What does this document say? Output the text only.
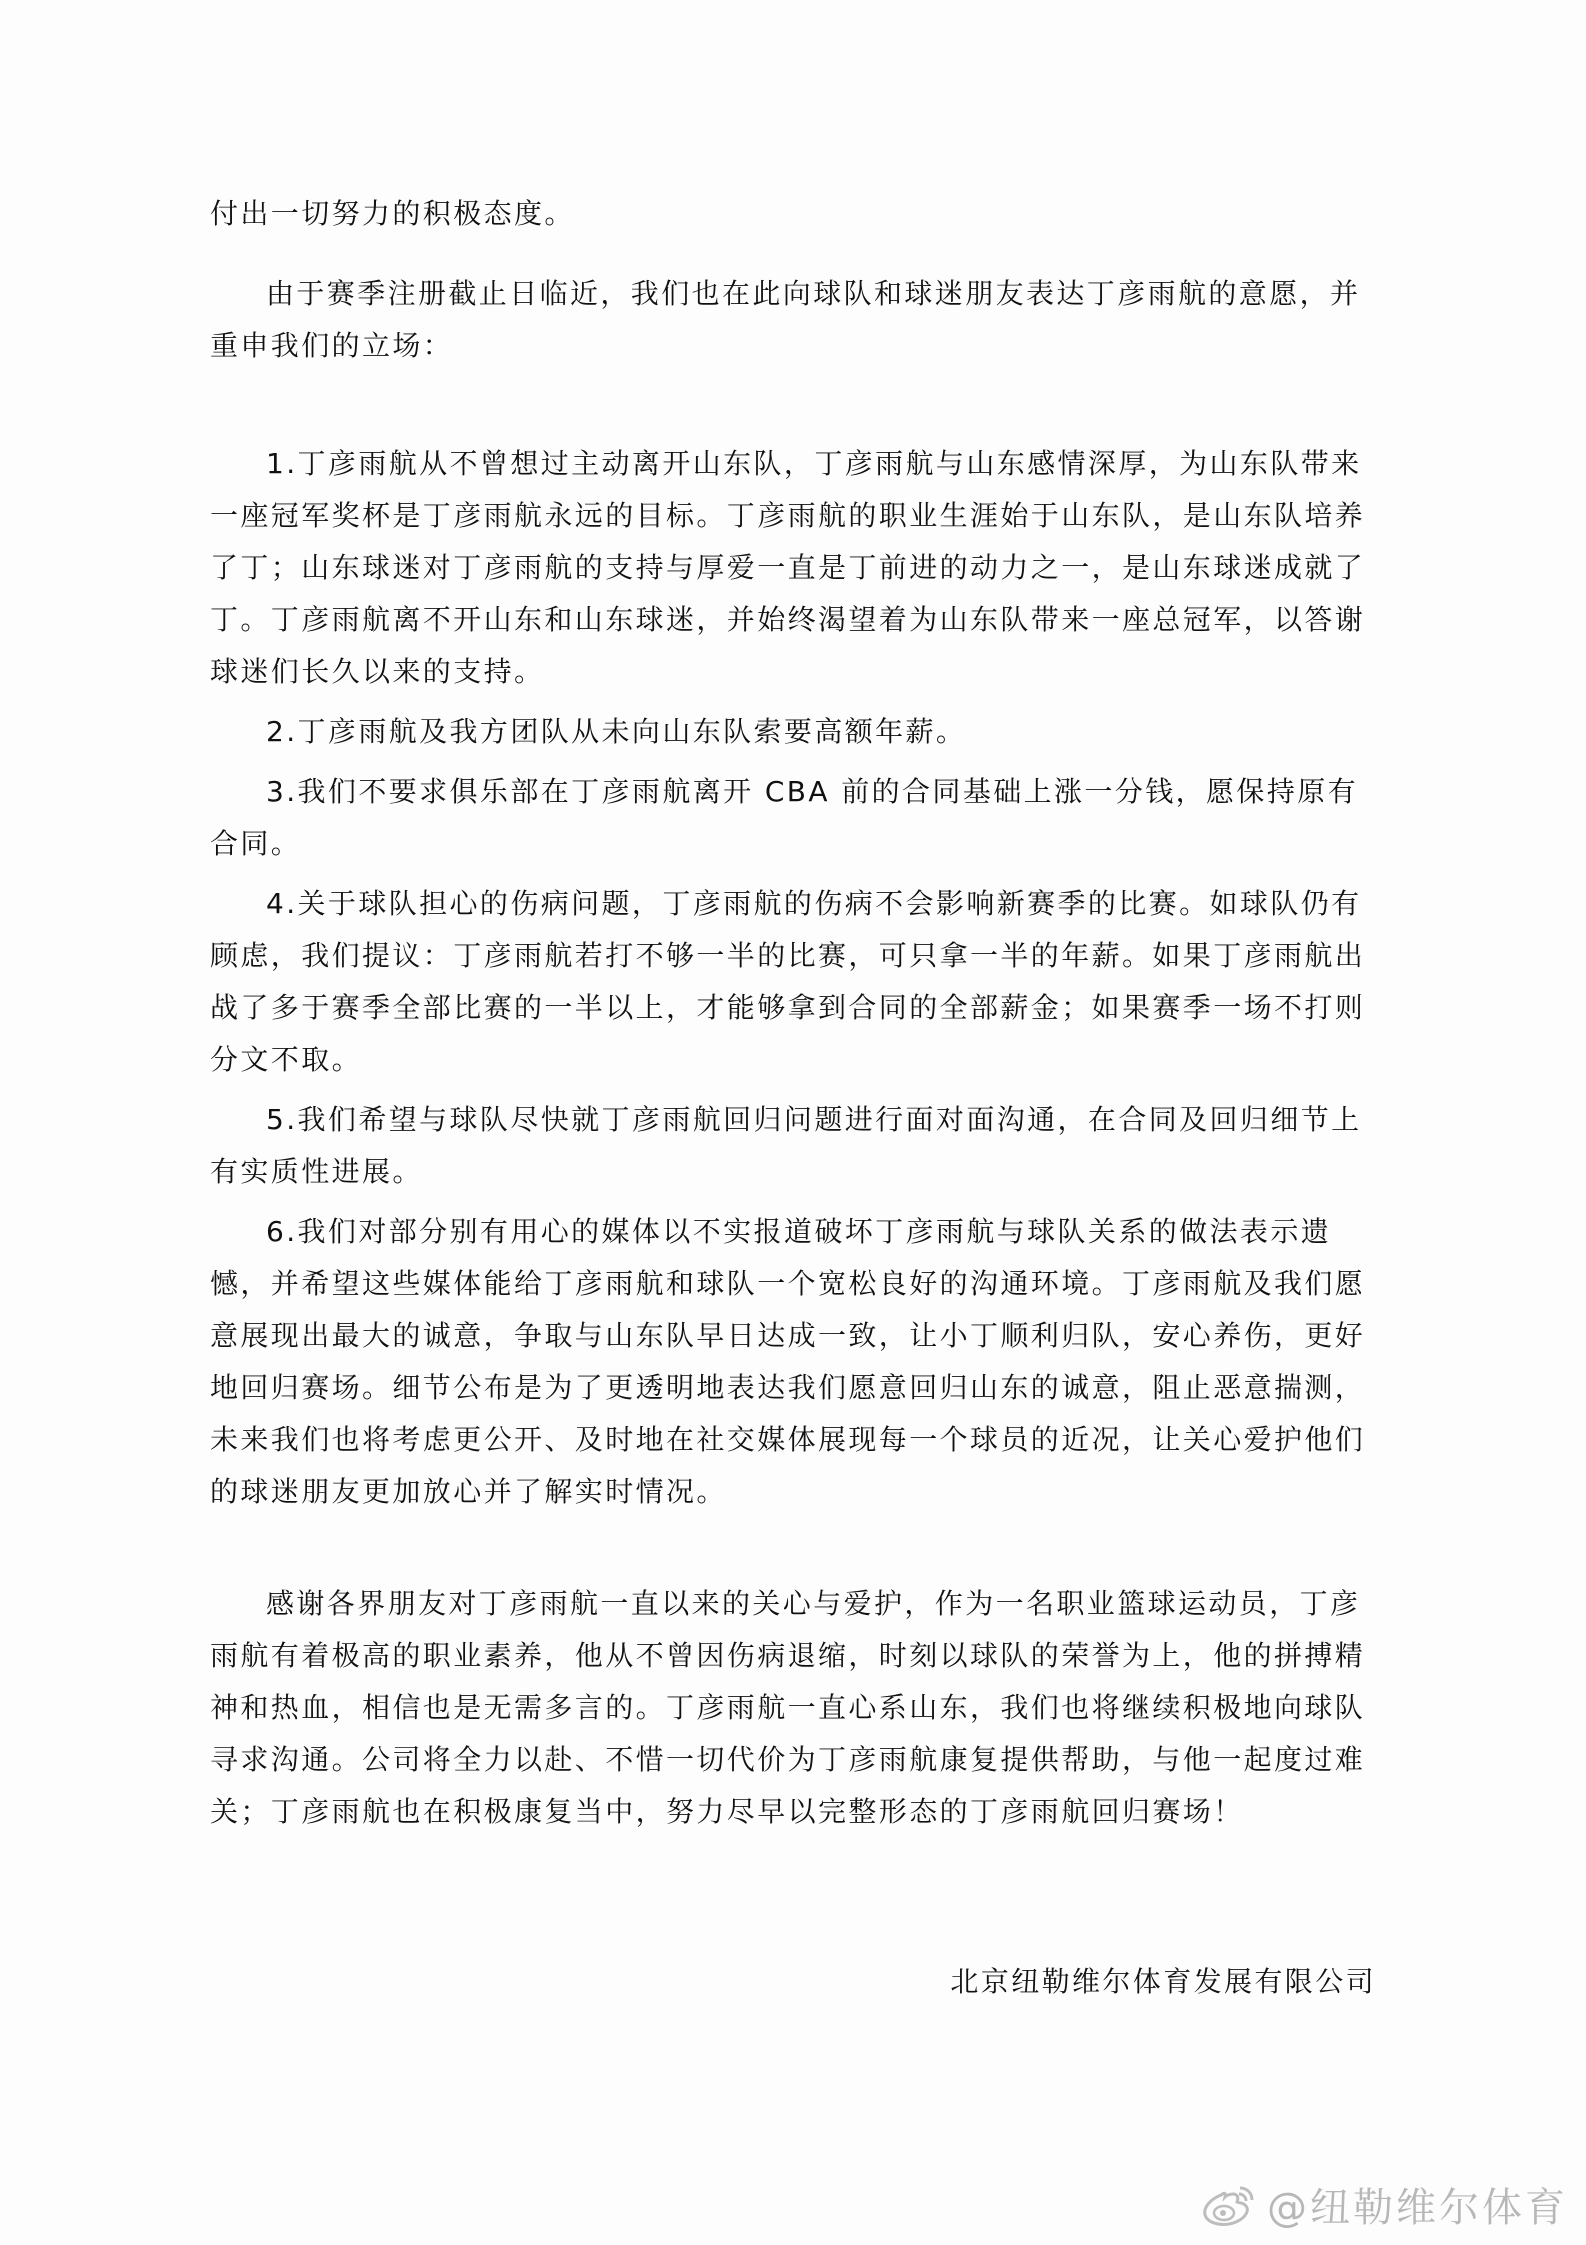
付出一切努力的积极态度。

由于赛季注册截止日临近，我们也在此向球队和球迷朋友表达丁彦雨航的意愿，并重申我们的立场：

1.丁彦雨航从不曾想过主动离开山东队，丁彦雨航与山东感情深厚，为山东队带来一座冠军奖杯是丁彦雨航永远的目标。丁彦雨航的职业生涯始于山东队，是山东队培养了丁；山东球迷对丁彦雨航的支持与厚爱一直是丁前进的动力之一，是山东球迷成就了丁。丁彦雨航离不开山东和山东球迷，并始终渴望着为山东队带来一座总冠军，以答谢球迷们长久以来的支持。

2.丁彦雨航及我方团队从未向山东队索要高额年薪。

3.我们不要求俱乐部在丁彦雨航离开 CBA 前的合同基础上涨一分钱，愿保持原有合同。

4.关于球队担心的伤病问题，丁彦雨航的伤病不会影响新赛季的比赛。如球队仍有顾虑，我们提议：丁彦雨航若打不够一半的比赛，可只拿一半的年薪。如果丁彦雨航出战了多于赛季全部比赛的一半以上，才能够拿到合同的全部薪金；如果赛季一场不打则分文不取。

5.我们希望与球队尽快就丁彦雨航回归问题进行面对面沟通，在合同及回归细节上有实质性进展。

6.我们对部分别有用心的媒体以不实报道破坏丁彦雨航与球队关系的做法表示遗憾，并希望这些媒体能给丁彦雨航和球队一个宽松良好的沟通环境。丁彦雨航及我们愿意展现出最大的诚意，争取与山东队早日达成一致，让小丁顺利归队，安心养伤，更好地回归赛场。细节公布是为了更透明地表达我们愿意回归山东的诚意，阻止恶意揣测，未来我们也将考虑更公开、及时地在社交媒体展现每一个球员的近况，让关心爱护他们的球迷朋友更加放心并了解实时情况。

感谢各界朋友对丁彦雨航一直以来的关心与爱护，作为一名职业篮球运动员，丁彦雨航有着极高的职业素养，他从不曾因伤病退缩，时刻以球队的荣誉为上，他的拼搏精神和热血，相信也是无需多言的。丁彦雨航一直心系山东，我们也将继续积极地向球队寻求沟通。公司将全力以赴、不惜一切代价为丁彦雨航康复提供帮助，与他一起度过难关；丁彦雨航也在积极康复当中，努力尽早以完整形态的丁彦雨航回归赛场！

北京纽勒维尔体育发展有限公司
@纽勒维尔体育
